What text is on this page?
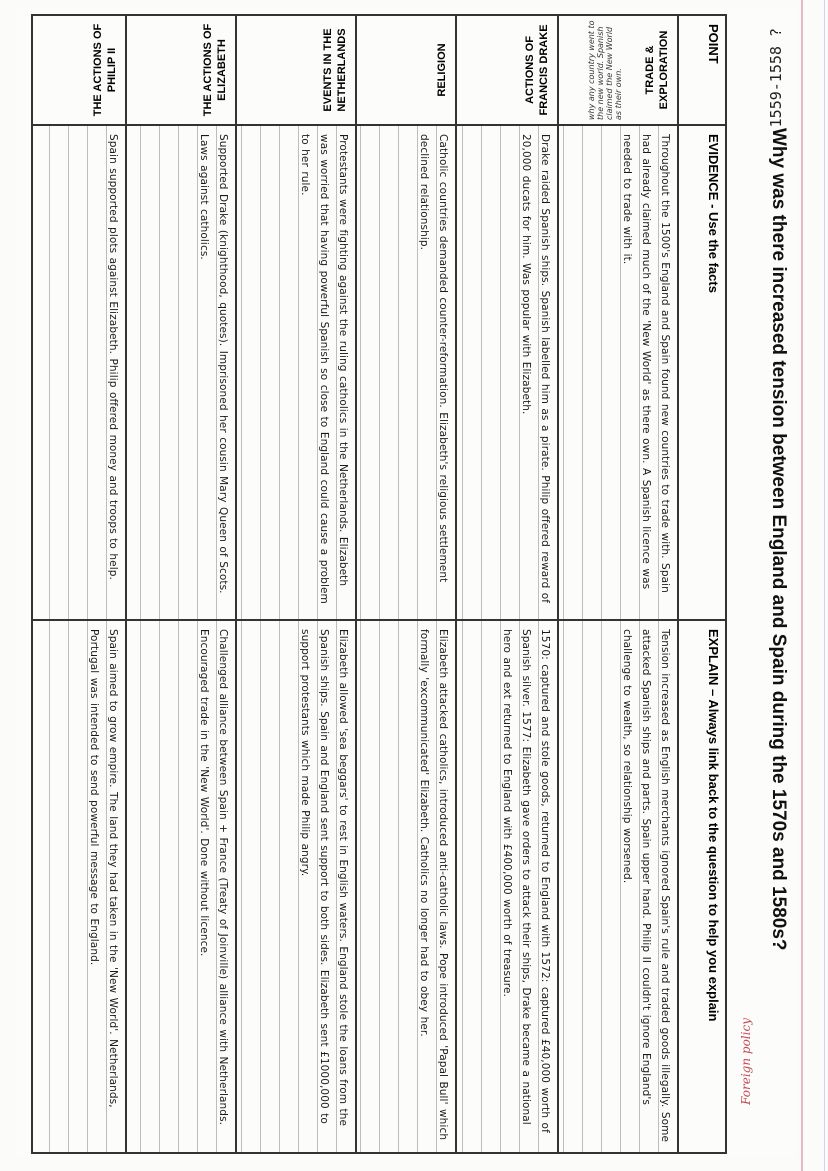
1559-1558 ?
Why was there increased tension between England and Spain during the 1570s and 1580s?
Foreign policy
POINT	EVIDENCE - Use the facts	EXPLAIN – Always link back to the question to help you explain

why any country went to the new world. Spanish claimed the New World as their own. TRADE & EXPLORATION	Throughout the 1500's England and Spain found new countries to trade with. Spain had already claimed much of the 'New World' as there own. A Spanish licence was needed to trade with it.	Tension increased as English merchants ignored Spain's rule and traded goods illegally. Some attacked Spanish ships and parts. Spain upper hand. Philip II couldn't ignore England's challenge to wealth, so relationship worsened.

ACTIONS OF FRANCIS DRAKE	Drake raided Spanish ships. Spanish labelled him as a pirate. Philip offered reward of 20,000 ducats for him. Was popular with Elizabeth.	1570: captured and stole goods, returned to England with 1572: captured £40,000 worth of Spanish silver. 1577: Elizabeth gave orders to attack their ships, Drake became a national hero and ext returned to England with £400,000 worth of treasure.

RELIGION	Catholic countries demanded counter-reformation. Elizabeth's religious settlement declined relationship.	Elizabeth attacked catholics, introduced anti-catholic laws. Pope introduced 'Papal Bull' which formally 'excommunicated' Elizabeth. Catholics no longer had to obey her.

EVENTS IN THE NETHERLANDS	Protestants were fighting against the ruling catholics in the Netherlands. Elizabeth was worried that having powerful Spanish so close to England could cause a problem to her rule.	Elizabeth allowed 'sea beggars' to rest in English waters. England stole the loans from the Spanish ships. Spain and England sent support to both sides. Elizabeth sent £1000,000 to support protestants which made Philip angry.

THE ACTIONS OF ELIZABETH	Supported Drake (knighthood, quotes). Imprisoned her cousin Mary Queen of Scots. Laws against catholics.	Challenged alliance between Spain + France (Treaty of Joinville) alliance with Netherlands. Encouraged trade in the 'New World'. Done without licence.

THE ACTIONS OF PHILIP II	Spain supported plots against Elizabeth. Philip offered money and troops to help.	Spain aimed to grow empire. The land they had taken in the 'New World'. Netherlands, Portugal was intended to send powerful message to England.
